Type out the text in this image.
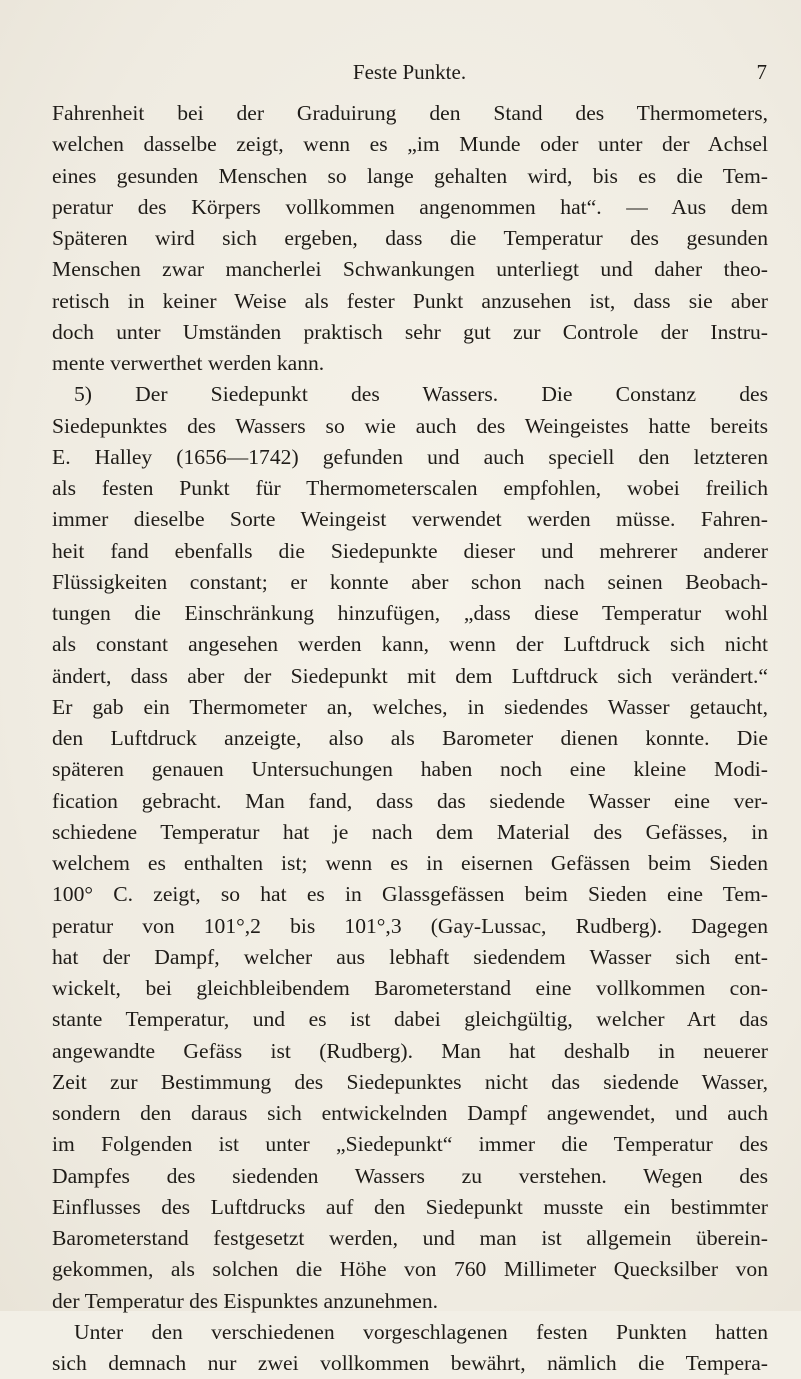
Feste Punkte.	7
Fahrenheit bei der Graduirung den Stand des Thermometers,
welchen dasselbe zeigt, wenn es „im Munde oder unter der Achsel
eines gesunden Menschen so lange gehalten wird, bis es die Tem-
peratur des Körpers vollkommen angenommen hat“. — Aus dem
Späteren wird sich ergeben, dass die Temperatur des gesunden
Menschen zwar mancherlei Schwankungen unterliegt und daher theo-
retisch in keiner Weise als fester Punkt anzusehen ist, dass sie aber
doch unter Umständen praktisch sehr gut zur Controle der Instru-
mente verwerthet werden kann.
5) Der Siedepunkt des Wassers. Die Constanz des
Siedepunktes des Wassers so wie auch des Weingeistes hatte bereits
E. Halley (1656—1742) gefunden und auch speciell den letzteren
als festen Punkt für Thermometerscalen empfohlen, wobei freilich
immer dieselbe Sorte Weingeist verwendet werden müsse. Fahren-
heit fand ebenfalls die Siedepunkte dieser und mehrerer anderer
Flüssigkeiten constant; er konnte aber schon nach seinen Beobach-
tungen die Einschränkung hinzufügen, „dass diese Temperatur wohl
als constant angesehen werden kann, wenn der Luftdruck sich nicht
ändert, dass aber der Siedepunkt mit dem Luftdruck sich verändert.“
Er gab ein Thermometer an, welches, in siedendes Wasser getaucht,
den Luftdruck anzeigte, also als Barometer dienen konnte. Die
späteren genauen Untersuchungen haben noch eine kleine Modi-
fication gebracht. Man fand, dass das siedende Wasser eine ver-
schiedene Temperatur hat je nach dem Material des Gefässes, in
welchem es enthalten ist; wenn es in eisernen Gefässen beim Sieden
100° C. zeigt, so hat es in Glassgefässen beim Sieden eine Tem-
peratur von 101°,2 bis 101°,3 (Gay-Lussac, Rudberg). Dagegen
hat der Dampf, welcher aus lebhaft siedendem Wasser sich ent-
wickelt, bei gleichbleibendem Barometerstand eine vollkommen con-
stante Temperatur, und es ist dabei gleichgültig, welcher Art das
angewandte Gefäss ist (Rudberg). Man hat deshalb in neuerer
Zeit zur Bestimmung des Siedepunktes nicht das siedende Wasser,
sondern den daraus sich entwickelnden Dampf angewendet, und auch
im Folgenden ist unter „Siedepunkt“ immer die Temperatur des
Dampfes des siedenden Wassers zu verstehen. Wegen des
Einflusses des Luftdrucks auf den Siedepunkt musste ein bestimmter
Barometerstand festgesetzt werden, und man ist allgemein überein-
gekommen, als solchen die Höhe von 760 Millimeter Quecksilber von
der Temperatur des Eispunktes anzunehmen.
Unter den verschiedenen vorgeschlagenen festen Punkten hatten
sich demnach nur zwei vollkommen bewährt, nämlich die Tempera-
